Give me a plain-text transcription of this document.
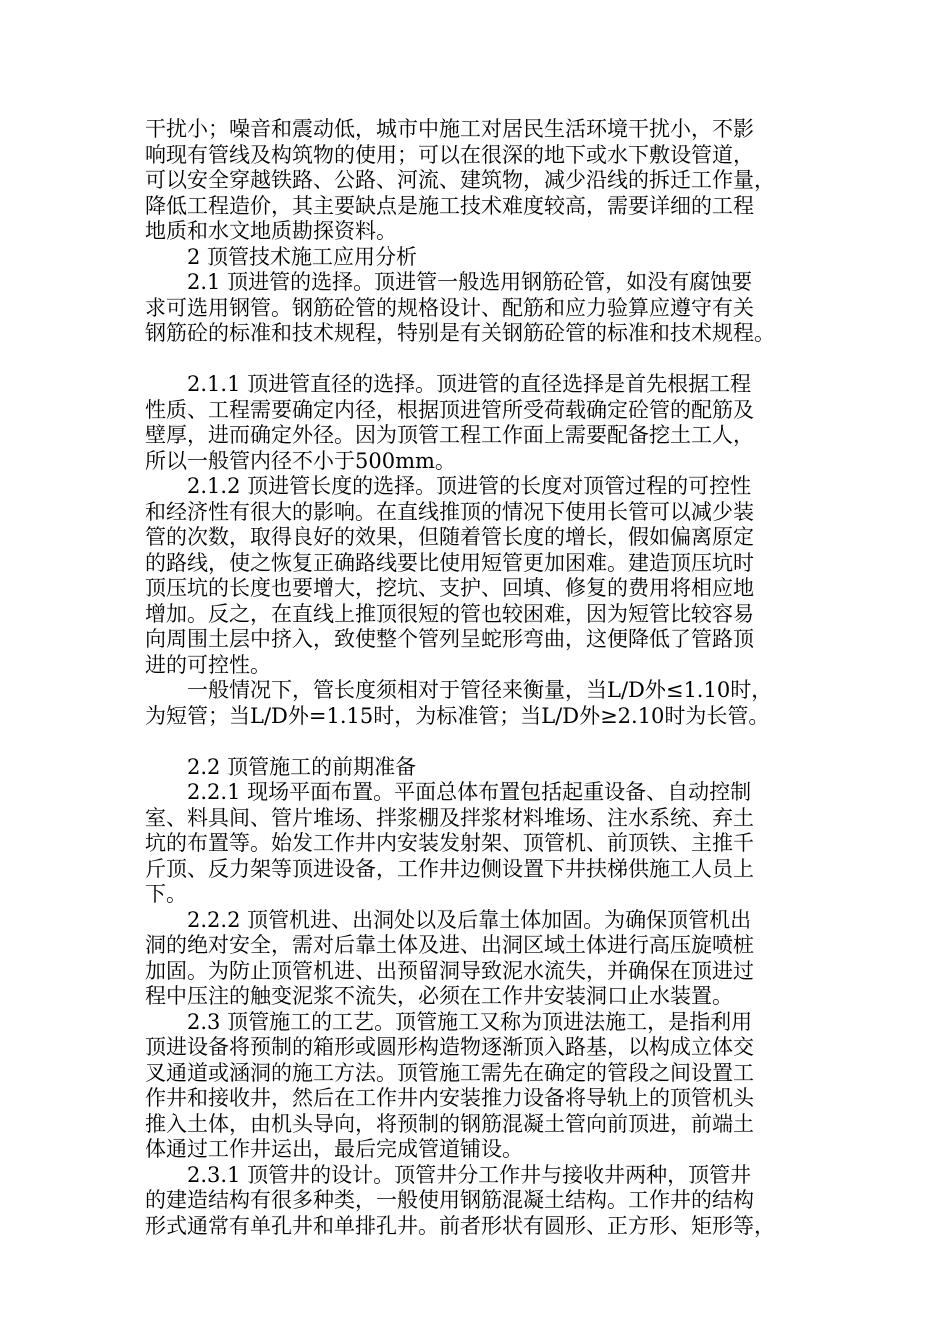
干扰小；噪音和震动低，城市中施工对居民生活环境干扰小，不影
响现有管线及构筑物的使用；可以在很深的地下或水下敷设管道，
可以安全穿越铁路、公路、河流、建筑物，减少沿线的拆迁工作量，
降低工程造价，其主要缺点是施工技术难度较高，需要详细的工程
地质和水文地质勘探资料。
2 顶管技术施工应用分析
2.1 顶进管的选择。顶进管一般选用钢筋砼管，如没有腐蚀要
求可选用钢管。钢筋砼管的规格设计、配筋和应力验算应遵守有关
钢筋砼的标准和技术规程，特别是有关钢筋砼管的标准和技术规程。
2.1.1 顶进管直径的选择。顶进管的直径选择是首先根据工程
性质、工程需要确定内径，根据顶进管所受荷载确定砼管的配筋及
壁厚，进而确定外径。因为顶管工程工作面上需要配备挖土工人，
所以一般管内径不小于500mm。
2.1.2 顶进管长度的选择。顶进管的长度对顶管过程的可控性
和经济性有很大的影响。在直线推顶的情况下使用长管可以减少装
管的次数，取得良好的效果，但随着管长度的增长，假如偏离原定
的路线，使之恢复正确路线要比使用短管更加困难。建造顶压坑时
顶压坑的长度也要增大，挖坑、支护、回填、修复的费用将相应地
增加。反之，在直线上推顶很短的管也较困难，因为短管比较容易
向周围土层中挤入，致使整个管列呈蛇形弯曲，这便降低了管路顶
进的可控性。
一般情况下，管长度须相对于管径来衡量，当L/D外≤1.10时，
为短管；当L/D外=1.15时，为标准管；当L/D外≥2.10时为长管。
2.2 顶管施工的前期准备
2.2.1 现场平面布置。平面总体布置包括起重设备、自动控制
室、料具间、管片堆场、拌浆棚及拌浆材料堆场、注水系统、弃土
坑的布置等。始发工作井内安装发射架、顶管机、前顶铁、主推千
斤顶、反力架等顶进设备，工作井边侧设置下井扶梯供施工人员上
下。
2.2.2 顶管机进、出洞处以及后靠土体加固。为确保顶管机出
洞的绝对安全，需对后靠土体及进、出洞区域土体进行高压旋喷桩
加固。为防止顶管机进、出预留洞导致泥水流失，并确保在顶进过
程中压注的触变泥浆不流失，必须在工作井安装洞口止水装置。
2.3 顶管施工的工艺。顶管施工又称为顶进法施工，是指利用
顶进设备将预制的箱形或圆形构造物逐渐顶入路基，以构成立体交
叉通道或涵洞的施工方法。顶管施工需先在确定的管段之间设置工
作井和接收井，然后在工作井内安装推力设备将导轨上的顶管机头
推入土体，由机头导向，将预制的钢筋混凝土管向前顶进，前端土
体通过工作井运出，最后完成管道铺设。
2.3.1 顶管井的设计。顶管井分工作井与接收井两种，顶管井
的建造结构有很多种类，一般使用钢筋混凝土结构。工作井的结构
形式通常有单孔井和单排孔井。前者形状有圆形、正方形、矩形等，
